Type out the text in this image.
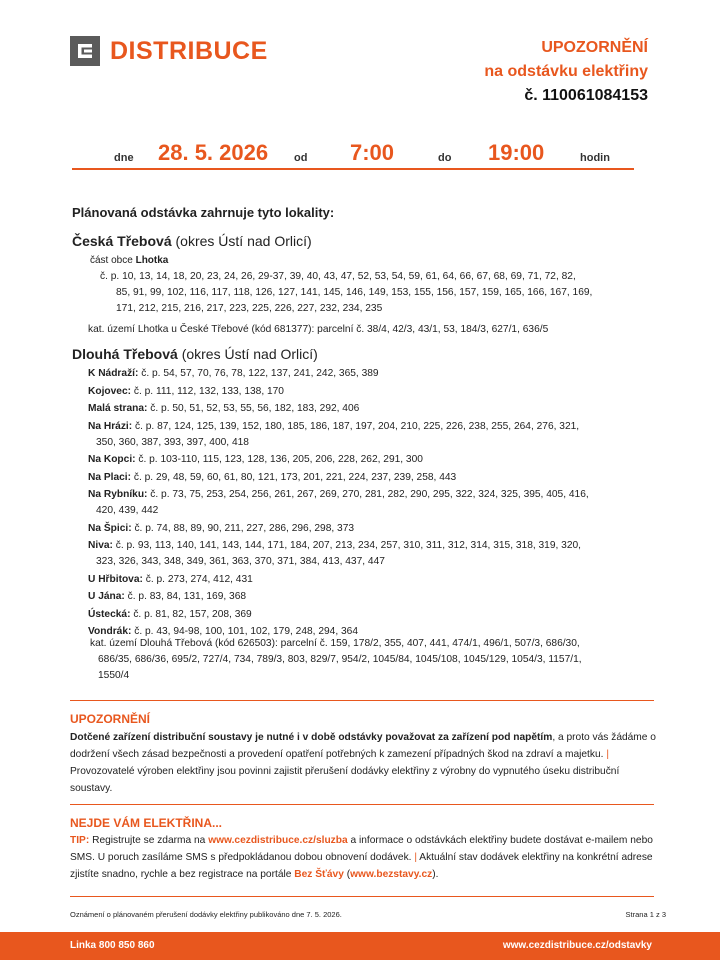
DISTRIBUCE	UPOZORNĚNÍ
na odstávku elektřiny
č. 110061084153
dne 28. 5. 2026 od 7:00	do 19:00	hodin
Plánovaná odstávka zahrnuje tyto lokality:
Česká Třebová (okres Ústí nad Orlicí)
část obce Lhotka
č. p. 10, 13, 14, 18, 20, 23, 24, 26, 29-37, 39, 40, 43, 47, 52, 53, 54, 59, 61, 64, 66, 67, 68, 69, 71, 72, 82,
85, 91, 99, 102, 116, 117, 118, 126, 127, 141, 145, 146, 149, 153, 155, 156, 157, 159, 165, 166, 167, 169,
171, 212, 215, 216, 217, 223, 225, 226, 227, 232, 234, 235
kat. území Lhotka u České Třebové (kód 681377): parcelní č. 38/4, 42/3, 43/1, 53, 184/3, 627/1, 636/5
Dlouhá Třebová (okres Ústí nad Orlicí)
K Nádraží: č. p. 54, 57, 70, 76, 78, 122, 137, 241, 242, 365, 389
Kojovec: č. p. 111, 112, 132, 133, 138, 170
Malá strana: č. p. 50, 51, 52, 53, 55, 56, 182, 183, 292, 406
Na Hrázi: č. p. 87, 124, 125, 139, 152, 180, 185, 186, 187, 197, 204, 210, 225, 226, 238, 255, 264, 276, 321,
350, 360, 387, 393, 397, 400, 418
Na Kopci: č. p. 103-110, 115, 123, 128, 136, 205, 206, 228, 262, 291, 300
Na Placi: č. p. 29, 48, 59, 60, 61, 80, 121, 173, 201, 221, 224, 237, 239, 258, 443
Na Rybníku: č. p. 73, 75, 253, 254, 256, 261, 267, 269, 270, 281, 282, 290, 295, 322, 324, 325, 395, 405, 416,
420, 439, 442
Na Špici: č. p. 74, 88, 89, 90, 211, 227, 286, 296, 298, 373
Niva: č. p. 93, 113, 140, 141, 143, 144, 171, 184, 207, 213, 234, 257, 310, 311, 312, 314, 315, 318, 319, 320,
323, 326, 343, 348, 349, 361, 363, 370, 371, 384, 413, 437, 447
U Hřbitova: č. p. 273, 274, 412, 431
U Jána: č. p. 83, 84, 131, 169, 368
Ústecká: č. p. 81, 82, 157, 208, 369
Vondrák: č. p. 43, 94-98, 100, 101, 102, 179, 248, 294, 364
kat. území Dlouhá Třebová (kód 626503): parcelní č. 159, 178/2, 355, 407, 441, 474/1, 496/1, 507/3, 686/30,
686/35, 686/36, 695/2, 727/4, 734, 789/3, 803, 829/7, 954/2, 1045/84, 1045/108, 1045/129, 1054/3, 1157/1,
1550/4
UPOZORNĚNÍ
Dotčené zařízení distribuční soustavy je nutné i v době odstávky považovat za zařízení pod napětím, a proto vás žádáme o dodržení všech zásad bezpečnosti a provedení opatření potřebných k zamezení případných škod na zdraví a majetku. | Provozovatelé výroben elektřiny jsou povinni zajistit přerušení dodávky elektřiny z výrobny do vypnutého úseku distribuční soustavy.
NEJDE VÁM ELEKTŘINA...
TIP: Registrujte se zdarma na www.cezdistribuce.cz/sluzba a informace o odstávkách elektřiny budete dostávat e-mailem nebo SMS. U poruch zasíláme SMS s předpokládanou dobou obnovení dodávek. | Aktuální stav dodávek elektřiny na konkrétní adrese zjistíte snadno, rychle a bez registrace na portále Bez Šťávy (www.bezstavy.cz).
Oznámení o plánovaném přerušení dodávky elektřiny publikováno dne 7. 5. 2026.	Strana 1 z 3
Linka 800 850 860	www.cezdistribuce.cz/odstavky
